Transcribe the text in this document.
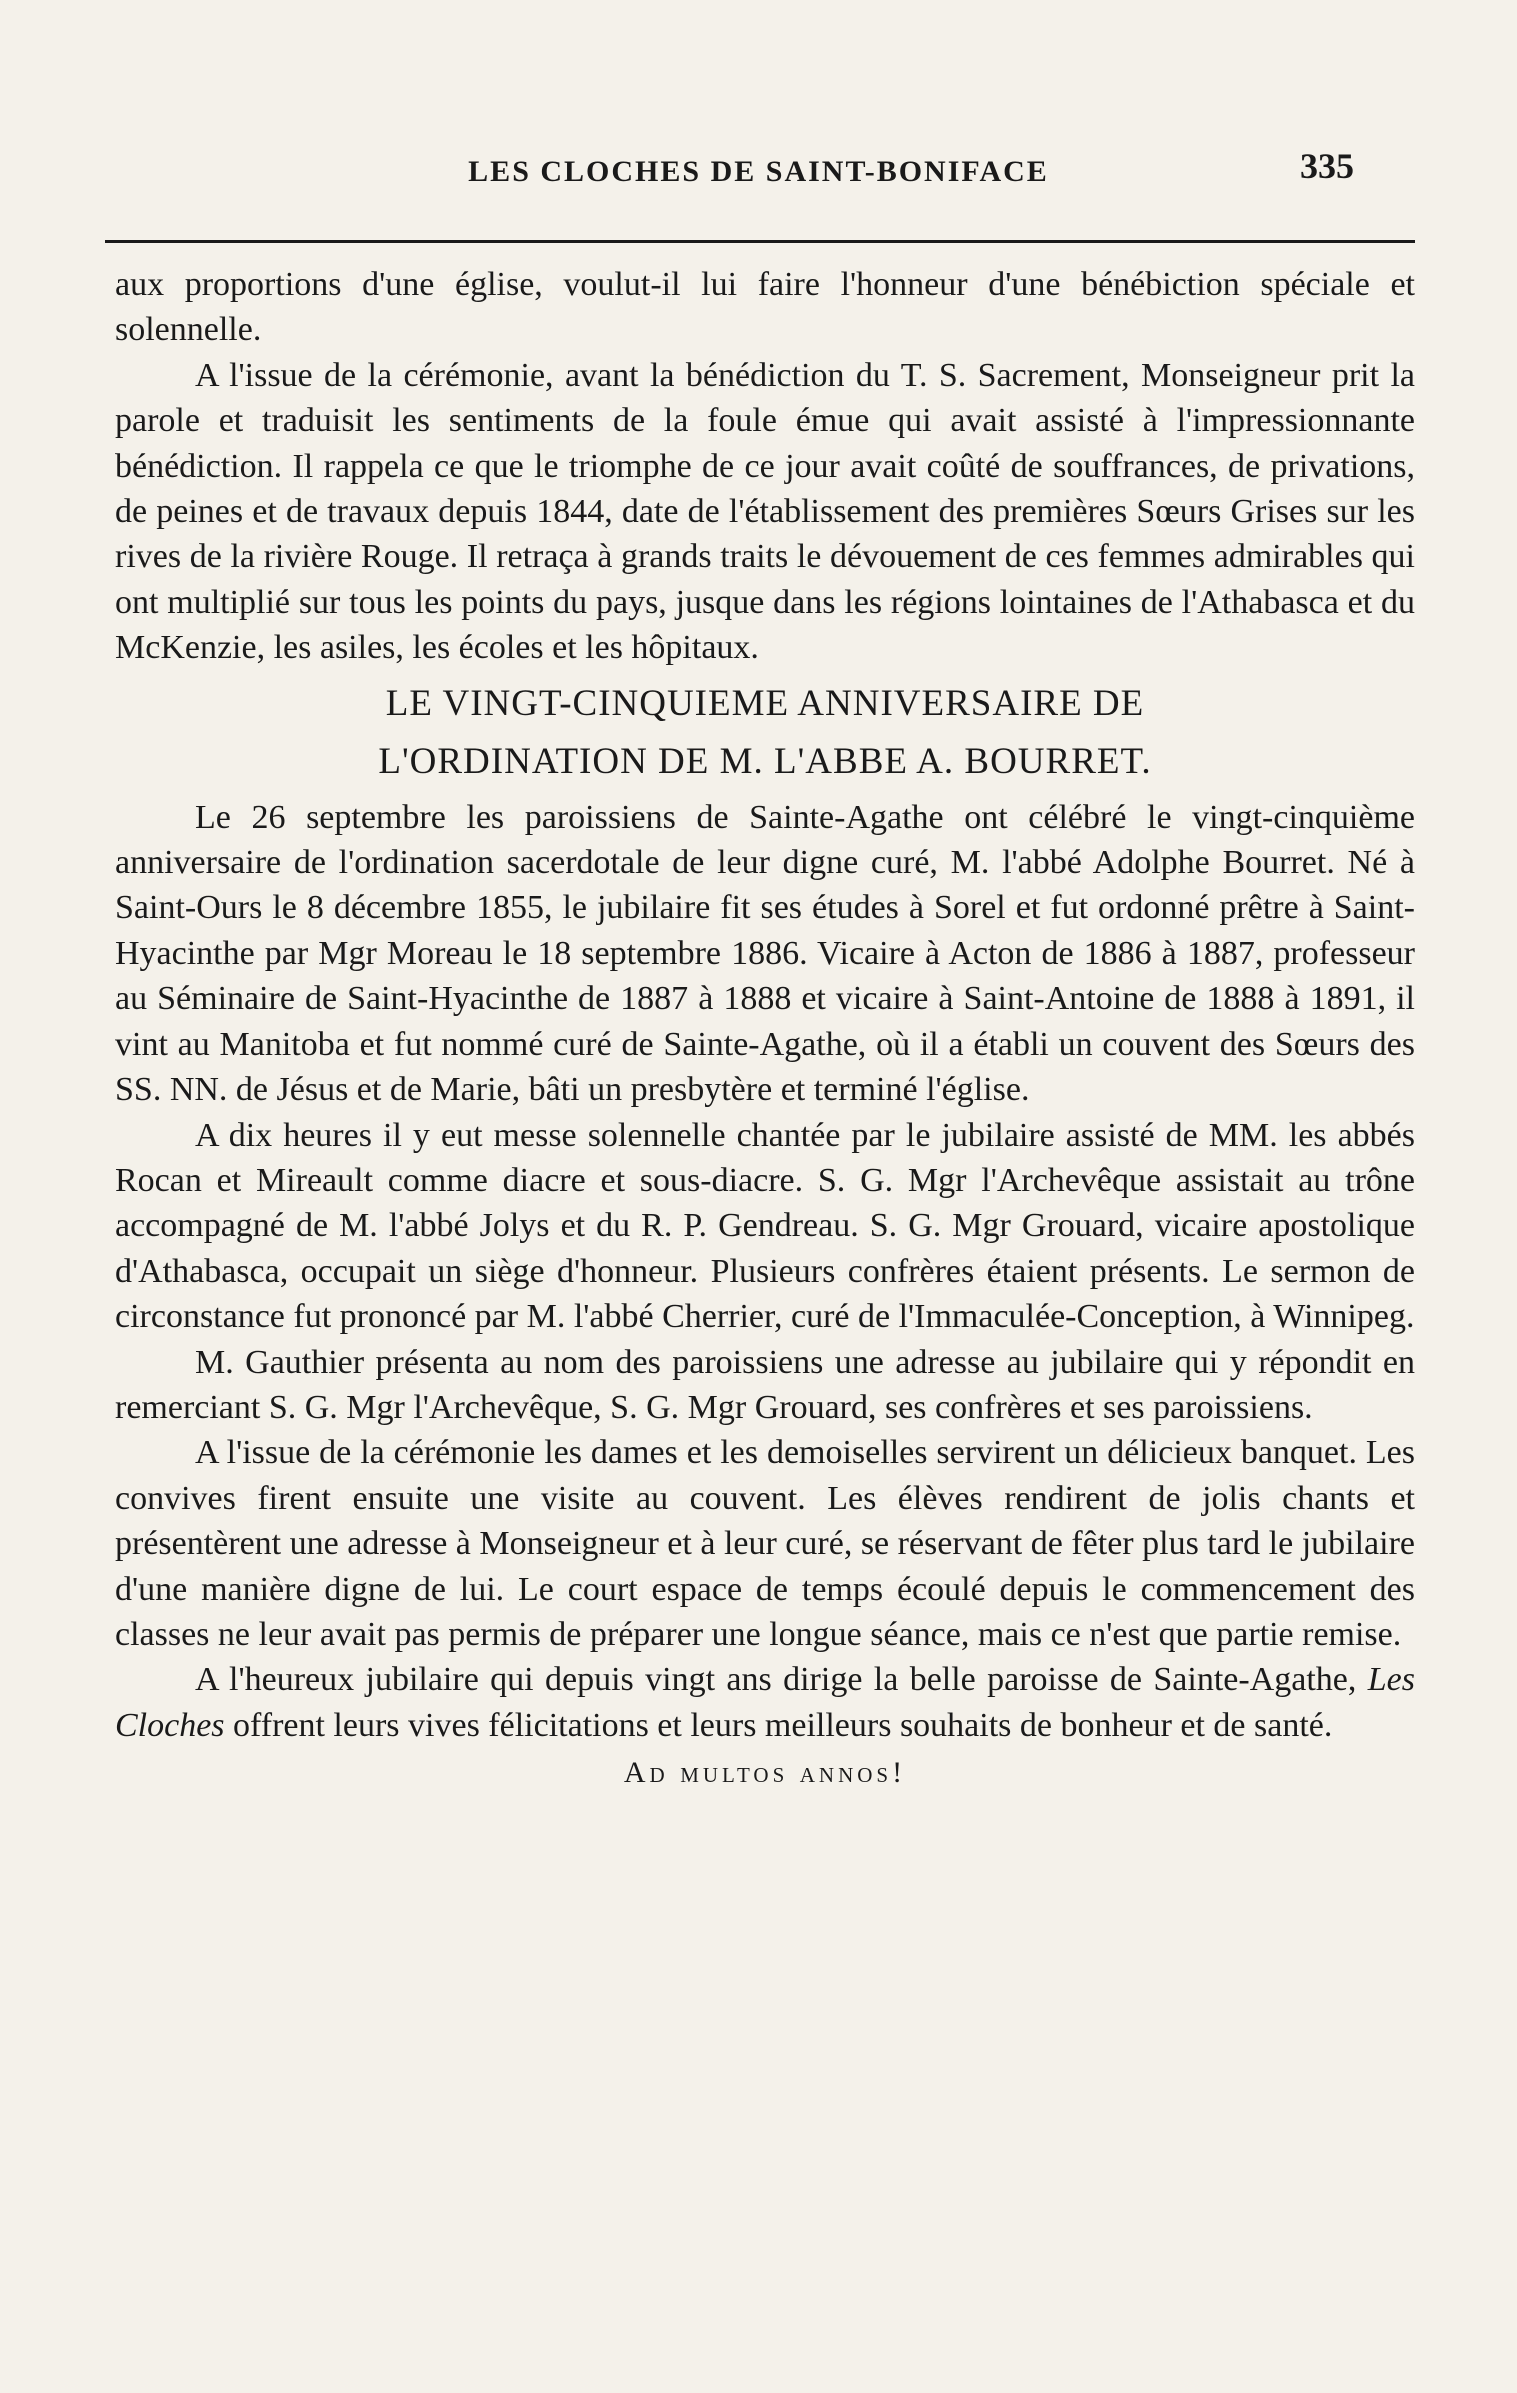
LES CLOCHES DE SAINT-BONIFACE	335

aux proportions d'une église, voulut-il lui faire l'honneur d'une bénébiction spéciale et solennelle.

A l'issue de la cérémonie, avant la bénédiction du T. S. Sacrement, Monseigneur prit la parole et traduisit les sentiments de la foule émue qui avait assisté à l'impressionnante bénédiction. Il rappela ce que le triomphe de ce jour avait coûté de souffrances, de privations, de peines et de travaux depuis 1844, date de l'établissement des premières Sœurs Grises sur les rives de la rivière Rouge. Il retraça à grands traits le dévouement de ces femmes admirables qui ont multiplié sur tous les points du pays, jusque dans les régions lointaines de l'Athabasca et du McKenzie, les asiles, les écoles et les hôpitaux.

LE VINGT-CINQUIEME ANNIVERSAIRE DE
L'ORDINATION DE M. L'ABBE A. BOURRET.

Le 26 septembre les paroissiens de Sainte-Agathe ont célébré le vingt-cinquième anniversaire de l'ordination sacerdotale de leur digne curé, M. l'abbé Adolphe Bourret. Né à Saint-Ours le 8 décembre 1855, le jubilaire fit ses études à Sorel et fut ordonné prêtre à Saint-Hyacinthe par Mgr Moreau le 18 septembre 1886. Vicaire à Acton de 1886 à 1887, professeur au Séminaire de Saint-Hyacinthe de 1887 à 1888 et vicaire à Saint-Antoine de 1888 à 1891, il vint au Manitoba et fut nommé curé de Sainte-Agathe, où il a établi un couvent des Sœurs des SS. NN. de Jésus et de Marie, bâti un presbytère et terminé l'église.

A dix heures il y eut messe solennelle chantée par le jubilaire assisté de MM. les abbés Rocan et Mireault comme diacre et sous-diacre. S. G. Mgr l'Archevêque assistait au trône accompagné de M. l'abbé Jolys et du R. P. Gendreau. S. G. Mgr Grouard, vicaire apostolique d'Athabasca, occupait un siège d'honneur. Plusieurs confrères étaient présents. Le sermon de circonstance fut prononcé par M. l'abbé Cherrier, curé de l'Immaculée-Conception, à Winnipeg.

M. Gauthier présenta au nom des paroissiens une adresse au jubilaire qui y répondit en remerciant S. G. Mgr l'Archevêque, S. G. Mgr Grouard, ses confrères et ses paroissiens.

A l'issue de la cérémonie les dames et les demoiselles servirent un délicieux banquet. Les convives firent ensuite une visite au couvent. Les élèves rendirent de jolis chants et présentèrent une adresse à Monseigneur et à leur curé, se réservant de fêter plus tard le jubilaire d'une manière digne de lui. Le court espace de temps écoulé depuis le commencement des classes ne leur avait pas permis de préparer une longue séance, mais ce n'est que partie remise.

A l'heureux jubilaire qui depuis vingt ans dirige la belle paroisse de Sainte-Agathe, Les Cloches offrent leurs vives félicitations et leurs meilleurs souhaits de bonheur et de santé.

Ad multos annos!
